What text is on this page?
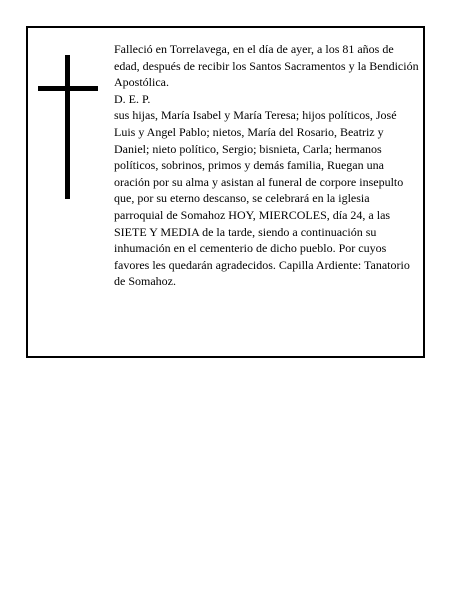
Falleció en Torrelavega, en el día de ayer, a los 81 años de edad, después de recibir los Santos Sacramentos y la Bendición Apostólica.

D. E. P.

sus hijas, María Isabel y María Teresa; hijos políticos, José Luis y Angel Pablo; nietos, María del Rosario, Beatriz y Daniel; nieto político, Sergio; bisnieta, Carla; hermanos políticos, sobrinos, primos y demás familia, Ruegan una oración por su alma y asistan al funeral de corpore insepulto que, por su eterno descanso, se celebrará en la iglesia parroquial de Somahoz HOY, MIERCOLES, día 24, a las SIETE Y MEDIA de la tarde, siendo a continuación su inhumación en el cementerio de dicho pueblo. Por cuyos favores les quedarán agradecidos. Capilla Ardiente: Tanatorio de Somahoz.
